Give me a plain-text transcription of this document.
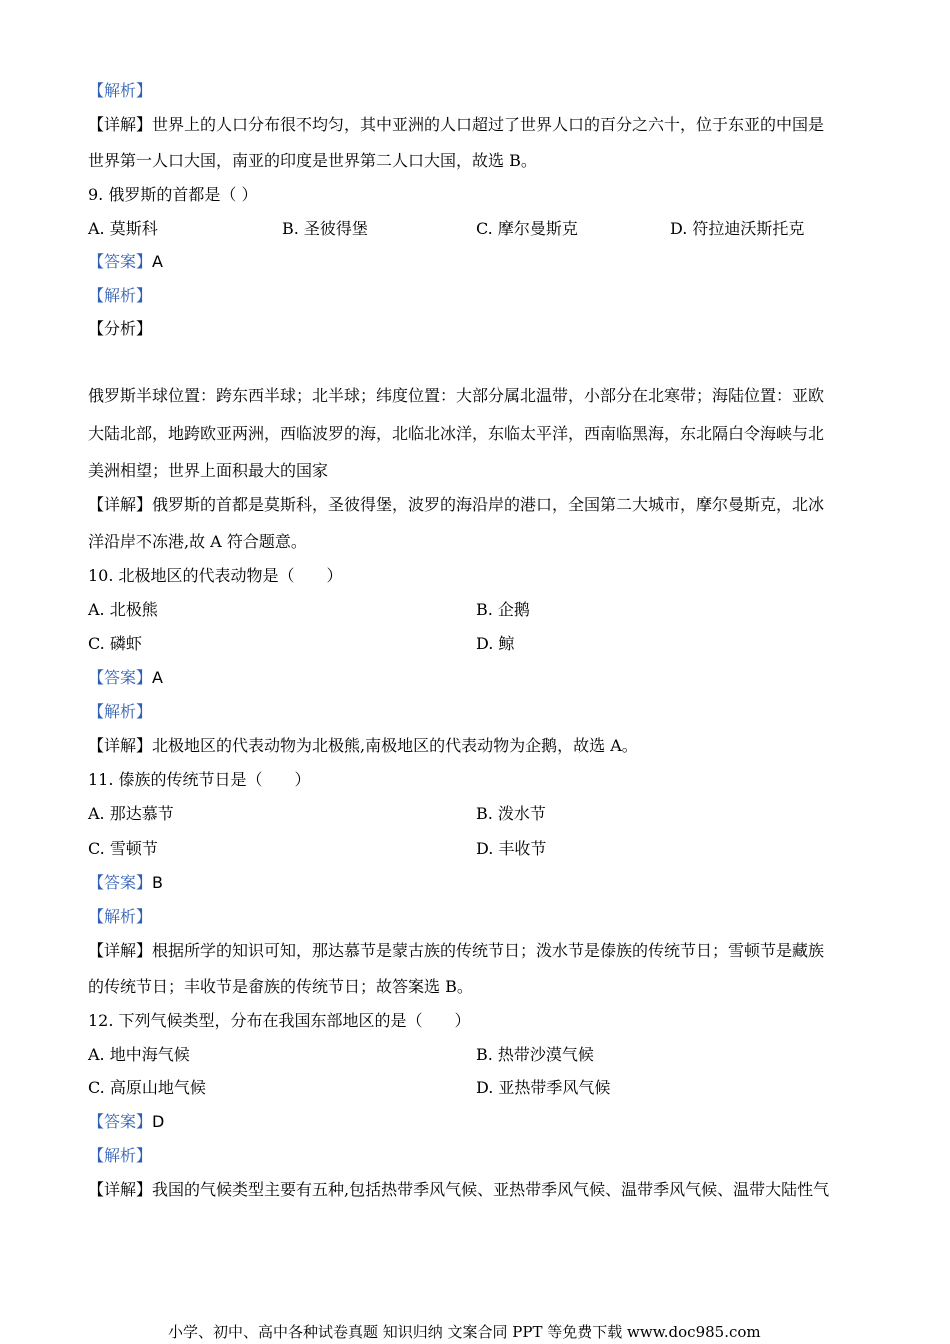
【解析】
【详解】世界上的人口分布很不均匀，其中亚洲的人口超过了世界人口的百分之六十，位于东亚的中国是
世界第一人口大国，南亚的印度是世界第二人口大国，故选 B。
9. 俄罗斯的首都是（ ）
A. 莫斯科	B. 圣彼得堡	C. 摩尔曼斯克	D. 符拉迪沃斯托克
【答案】A
【解析】
【分析】
俄罗斯半球位置：跨东西半球；北半球；纬度位置：大部分属北温带，小部分在北寒带；海陆位置：亚欧
大陆北部，地跨欧亚两洲，西临波罗的海，北临北冰洋，东临太平洋，西南临黑海，东北隔白令海峡与北
美洲相望；世界上面积最大的国家
【详解】俄罗斯的首都是莫斯科，圣彼得堡，波罗的海沿岸的港口，全国第二大城市，摩尔曼斯克，北冰
洋沿岸不冻港,故 A 符合题意。
10. 北极地区的代表动物是（　　）
A. 北极熊	B. 企鹅
C. 磷虾	D. 鲸
【答案】A
【解析】
【详解】北极地区的代表动物为北极熊,南极地区的代表动物为企鹅，故选 A。
11. 傣族的传统节日是（　　）
A. 那达慕节	B. 泼水节
C. 雪顿节	D. 丰收节
【答案】B
【解析】
【详解】根据所学的知识可知，那达慕节是蒙古族的传统节日；泼水节是傣族的传统节日；雪顿节是藏族
的传统节日；丰收节是畲族的传统节日；故答案选 B。
12. 下列气候类型，分布在我国东部地区的是（　　）
A. 地中海气候	B. 热带沙漠气候
C. 高原山地气候	D. 亚热带季风气候
【答案】D
【解析】
【详解】我国的气候类型主要有五种,包括热带季风气候、亚热带季风气候、温带季风气候、温带大陆性气
小学、初中、高中各种试卷真题 知识归纳 文案合同 PPT 等免费下载 www.doc985.com
